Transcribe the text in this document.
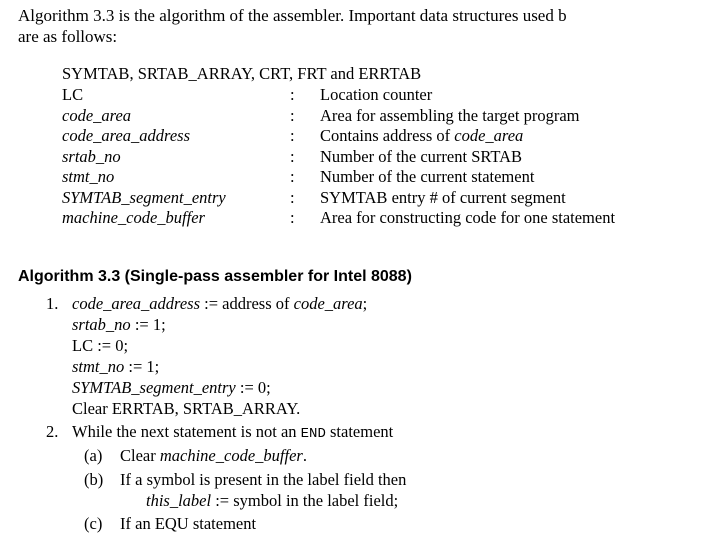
Algorithm 3.3 is the algorithm of the assembler. Important data structures used b
are as follows:
SYMTAB, SRTAB_ARRAY, CRT, FRT and ERRTAB
LC	: Location counter
code_area	: Area for assembling the target program
code_area_address	: Contains address of code_area
srtab_no	: Number of the current SRTAB
stmt_no	: Number of the current statement
SYMTAB_segment_entry	: SYMTAB entry # of current segment
machine_code_buffer	: Area for constructing code for one statement
Algorithm 3.3 (Single-pass assembler for Intel 8088)
1. code_area_address := address of code_area;
srtab_no := 1;
LC := 0;
stmt_no := 1;
SYMTAB_segment_entry := 0;
Clear ERRTAB, SRTAB_ARRAY.
2. While the next statement is not an END statement
(a) Clear machine_code_buffer.
(b) If a symbol is present in the label field then
this_label := symbol in the label field;
(c) If an EQU statement
